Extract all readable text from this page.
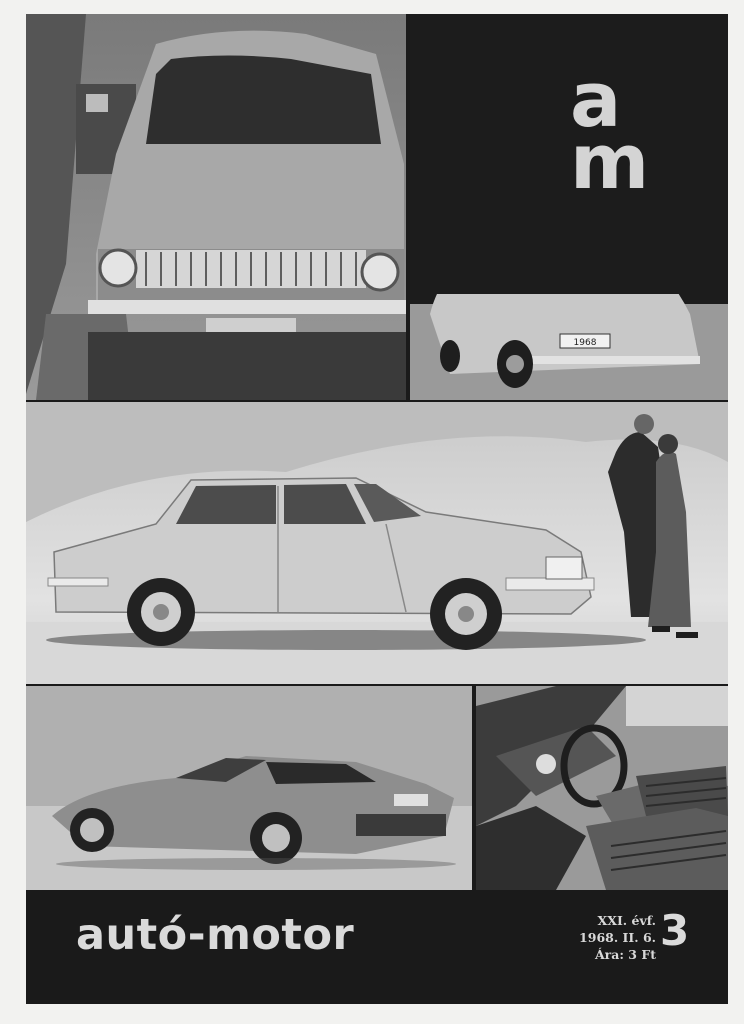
a
m
1968
autó-motor	XXI. évf.
1968. II. 6.
Ára: 3 Ft 3
